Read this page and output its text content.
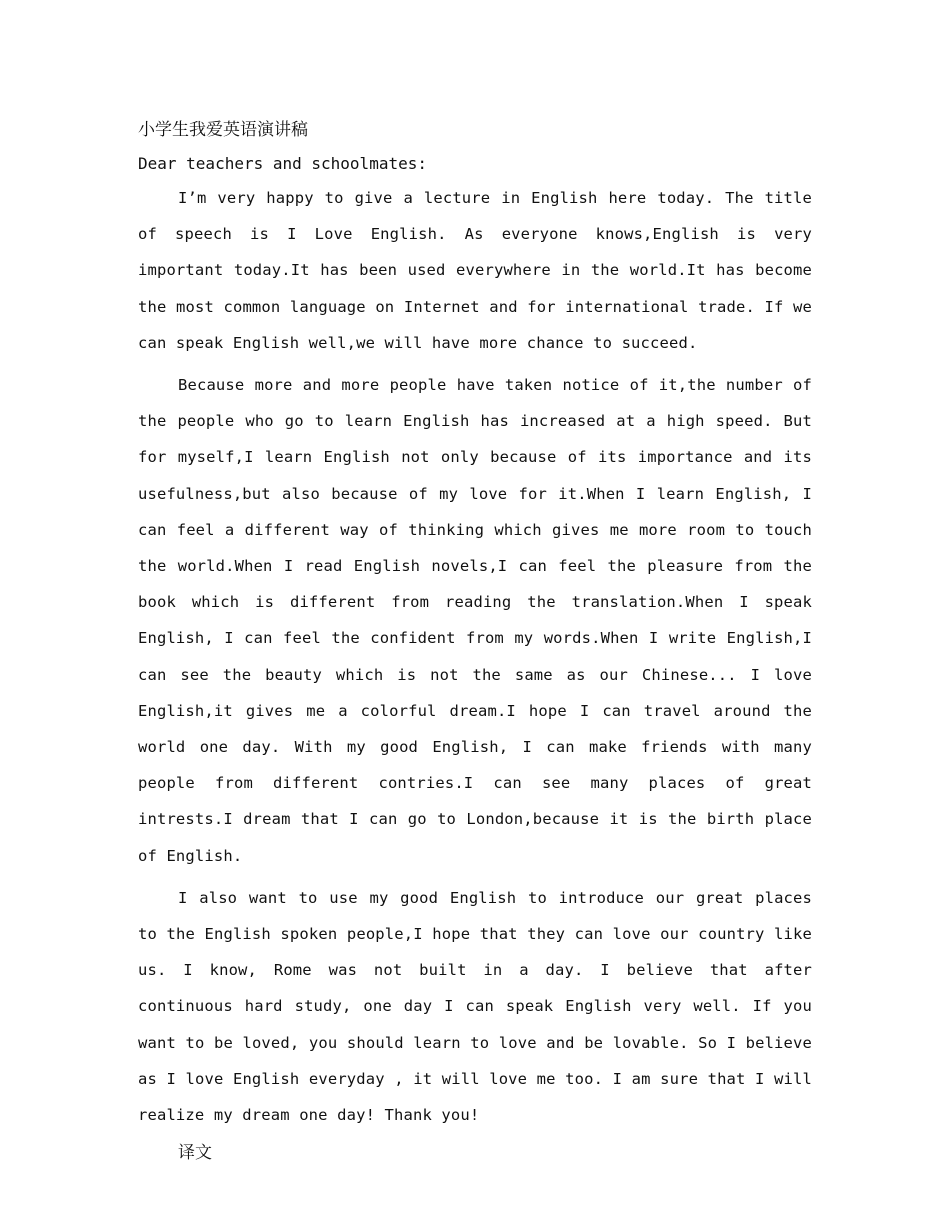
小学生我爱英语演讲稿
Dear teachers and schoolmates:

I’m very happy to give a lecture in English here today. The title of speech is I Love English. As everyone knows,English is very important today.It has been used everywhere in the world.It has become the most common language on Internet and for international trade. If we can speak English well,we will have more chance to succeed.

Because more and more people have taken notice of it,the number of the people who go to learn English has increased at a high speed. But for myself,I learn English not only because of its importance and its usefulness,but also because of my love for it.When I learn English, I can feel a different way of thinking which gives me more room to touch the world.When I read English novels,I can feel the pleasure from the book which is different from reading the translation.When I speak English, I can feel the confident from my words.When I write English,I can see the beauty which is not the same as our Chinese... I love English,it gives me a colorful dream.I hope I can travel around the world one day. With my good English, I can make friends with many people from different contries.I can see many places of great intrests.I dream that I can go to London,because it is the birth place of English.

I also want to use my good English to introduce our great places to the English spoken people,I hope that they can love our country like us. I know, Rome was not built in a day. I believe that after continuous hard study, one day I can speak English very well. If you want to be loved, you should learn to love and be lovable. So I believe as I love English everyday , it will love me too. I am sure that I will realize my dream one day! Thank you!

译文
